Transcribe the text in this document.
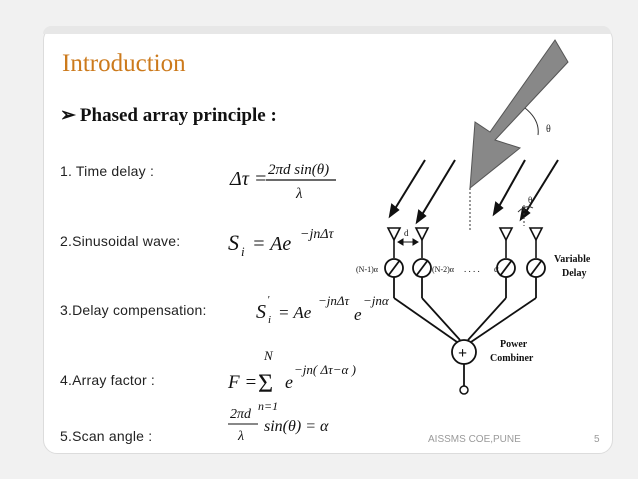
Introduction
➢ Phased array principle :
1. Time delay :
2.Sinusoidal wave:
3.Delay compensation:
4.Array factor :
5.Scan angle :
Δτ = 2πd sin(θ)
λ
S i = Ae −jnΔτ
S
'
i = Ae
−jnΔτ
e
−jnα
F =
N
Σ
n=1
e
−jn( Δτ−α )
2πd
λ
sin(θ) = α
θ
θ
d
(N-1)α	(N-2)α . . . . α
Variable
Delay
+
Power
Combiner
AISSMS COE,PUNE	5
